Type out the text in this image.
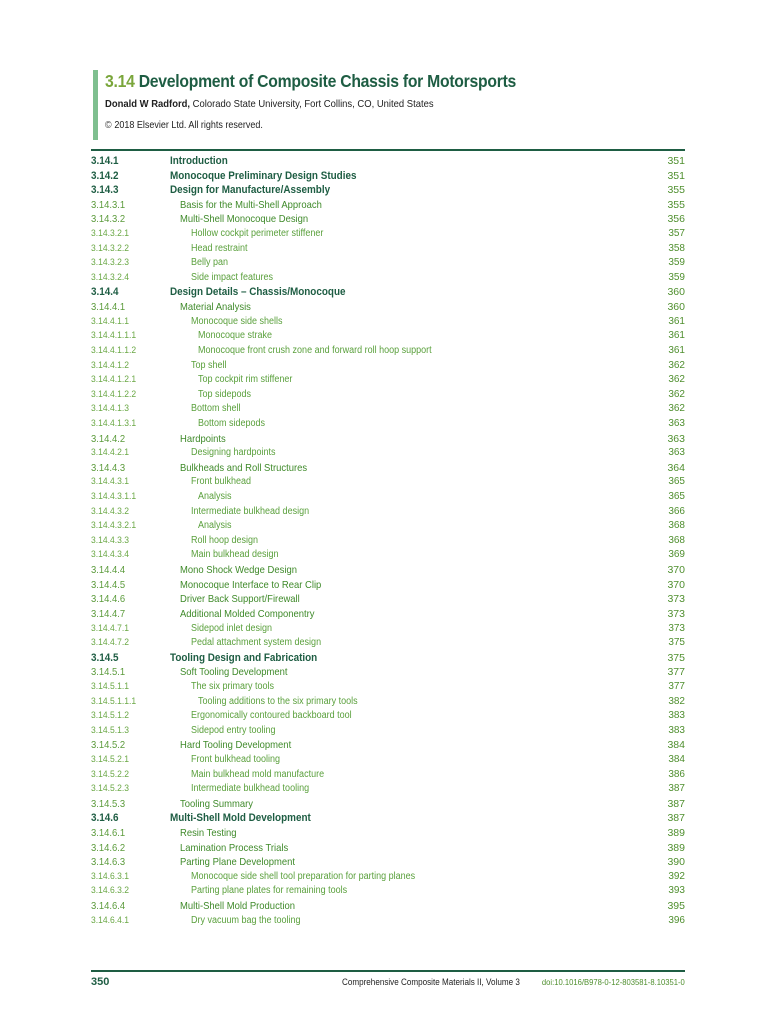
3.14 Development of Composite Chassis for Motorsports
Donald W Radford, Colorado State University, Fort Collins, CO, United States
© 2018 Elsevier Ltd. All rights reserved.
3.14.1	Introduction	351
3.14.2	Monocoque Preliminary Design Studies	351
3.14.3	Design for Manufacture/Assembly	355
3.14.3.1	Basis for the Multi-Shell Approach	355
3.14.3.2	Multi-Shell Monocoque Design	356
3.14.3.2.1	Hollow cockpit perimeter stiffener	357
3.14.3.2.2	Head restraint	358
3.14.3.2.3	Belly pan	359
3.14.3.2.4	Side impact features	359
3.14.4	Design Details – Chassis/Monocoque	360
3.14.4.1	Material Analysis	360
3.14.4.1.1	Monocoque side shells	361
3.14.4.1.1.1	Monocoque strake	361
3.14.4.1.1.2	Monocoque front crush zone and forward roll hoop support	361
3.14.4.1.2	Top shell	362
3.14.4.1.2.1	Top cockpit rim stiffener	362
3.14.4.1.2.2	Top sidepods	362
3.14.4.1.3	Bottom shell	362
3.14.4.1.3.1	Bottom sidepods	363
3.14.4.2	Hardpoints	363
3.14.4.2.1	Designing hardpoints	363
3.14.4.3	Bulkheads and Roll Structures	364
3.14.4.3.1	Front bulkhead	365
3.14.4.3.1.1	Analysis	365
3.14.4.3.2	Intermediate bulkhead design	366
3.14.4.3.2.1	Analysis	368
3.14.4.3.3	Roll hoop design	368
3.14.4.3.4	Main bulkhead design	369
3.14.4.4	Mono Shock Wedge Design	370
3.14.4.5	Monocoque Interface to Rear Clip	370
3.14.4.6	Driver Back Support/Firewall	373
3.14.4.7	Additional Molded Componentry	373
3.14.4.7.1	Sidepod inlet design	373
3.14.4.7.2	Pedal attachment system design	375
3.14.5	Tooling Design and Fabrication	375
3.14.5.1	Soft Tooling Development	377
3.14.5.1.1	The six primary tools	377
3.14.5.1.1.1	Tooling additions to the six primary tools	382
3.14.5.1.2	Ergonomically contoured backboard tool	383
3.14.5.1.3	Sidepod entry tooling	383
3.14.5.2	Hard Tooling Development	384
3.14.5.2.1	Front bulkhead tooling	384
3.14.5.2.2	Main bulkhead mold manufacture	386
3.14.5.2.3	Intermediate bulkhead tooling	387
3.14.5.3	Tooling Summary	387
3.14.6	Multi-Shell Mold Development	387
3.14.6.1	Resin Testing	389
3.14.6.2	Lamination Process Trials	389
3.14.6.3	Parting Plane Development	390
3.14.6.3.1	Monocoque side shell tool preparation for parting planes	392
3.14.6.3.2	Parting plane plates for remaining tools	393
3.14.6.4	Multi-Shell Mold Production	395
3.14.6.4.1	Dry vacuum bag the tooling	396
350	Comprehensive Composite Materials II, Volume 3	doi:10.1016/B978-0-12-803581-8.10351-0
